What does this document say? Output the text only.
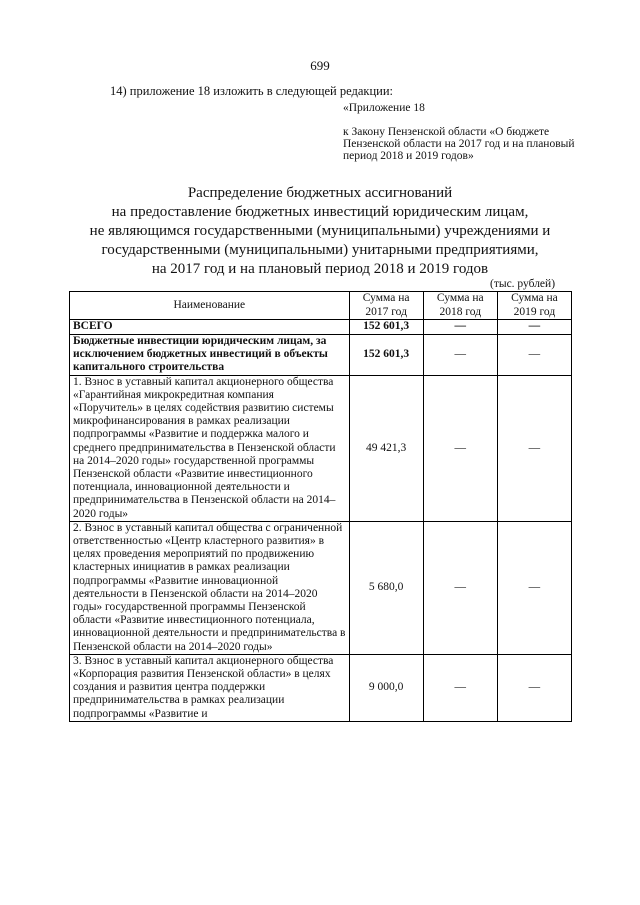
699
14) приложение 18 изложить в следующей редакции:
«Приложение 18
к Закону Пензенской области «О бюджете Пензенской области на 2017 год и на плановый период 2018 и 2019 годов»
Распределение бюджетных ассигнований
на предоставление бюджетных инвестиций юридическим лицам,
не являющимся государственными (муниципальными) учреждениями и
государственными (муниципальными) унитарными предприятиями,
на 2017 год и на плановый период 2018 и 2019 годов
(тыс. рублей)
Наименование	Сумма на 2017 год	Сумма на 2018 год	Сумма на 2019 год
ВСЕГО	152 601,3	—	—
Бюджетные инвестиции юридическим лицам, за исключением бюджетных инвестиций в объекты капитального строительства	152 601,3	—	—
1. Взнос в уставный капитал акционерного общества «Гарантийная микрокредитная компания «Поручитель» в целях содействия развитию системы микрофинансирования в рамках реализации подпрограммы «Развитие и поддержка малого и среднего предпринимательства в Пензенской области на 2014–2020 годы» государственной программы Пензенской области «Развитие инвестиционного потенциала, инновационной деятельности и предпринимательства в Пензенской области на 2014–2020 годы»	49 421,3	—	—
2. Взнос в уставный капитал общества с ограниченной ответственностью «Центр кластерного развития» в целях проведения мероприятий по продвижению кластерных инициатив в рамках реализации подпрограммы «Развитие инновационной деятельности в Пензенской области на 2014–2020 годы» государственной программы Пензенской области «Развитие инвестиционного потенциала, инновационной деятельности и предпринимательства в Пензенской области на 2014–2020 годы»	5 680,0	—	—
3. Взнос в уставный капитал акционерного общества «Корпорация развития Пензенской области» в целях создания и развития центра поддержки предпринимательства в рамках реализации подпрограммы «Развитие и	9 000,0	—	—
